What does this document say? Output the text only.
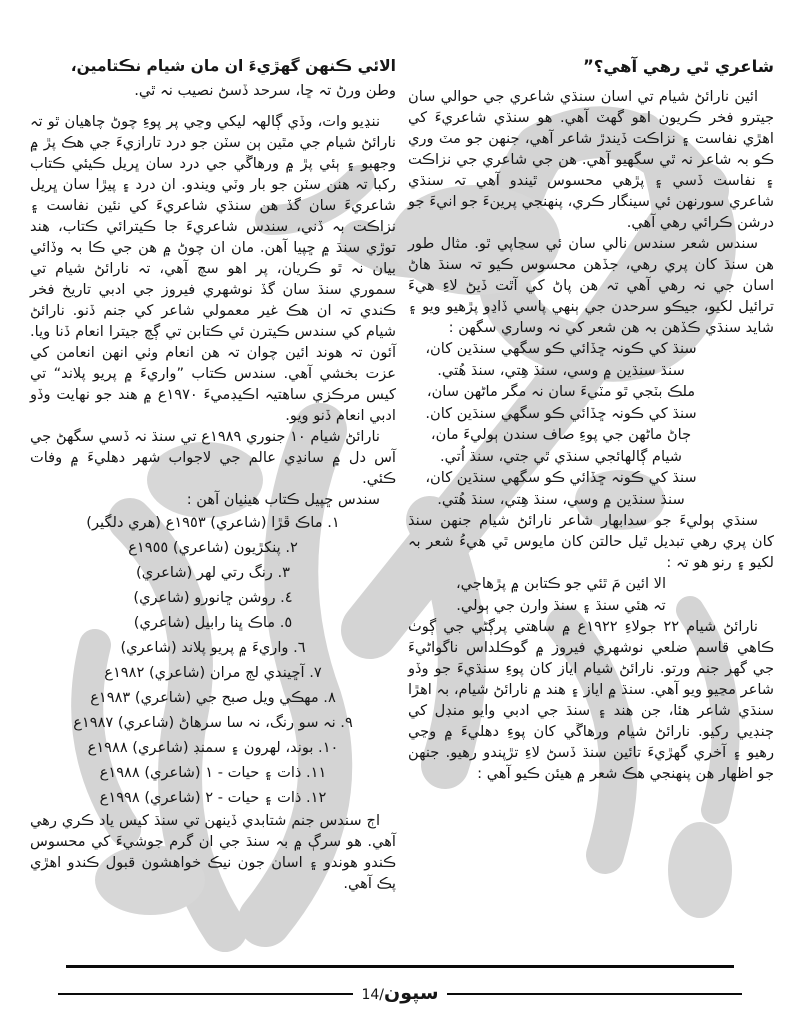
شاعري ٿي رهي آهي؟”

ائين نارائڻ شيام تي اسان سنڌي شاعري جي حوالي سان جيترو فخر ڪريون اهو گهٽ آهي. هو سنڌي شاعريءَ کي اهڙي نفاست ۽ نزاڪت ڏيندڙ شاعر آهي، جنهن جو مٽ وري ڪو بہ شاعر نہ ٿي سگهيو آهي. هن جي شاعري جي نزاڪت ۽ نفاست ڏسي ۽ پڙهي محسوس ٿيندو آهي تہ سنڌي شاعري سورنهن ئي سينگار ڪري، پنهنجي پرينءَ جو انيءَ جو درشن ڪرائي رهي آهي.

سندس شعر سندس نالي سان ئي سڃاپي ٿو. مثال طور هن سنڌ کان پري رهي، جڏهن محسوس ڪيو تہ سنڌ هاڻ اسان جي نہ رهي آهي تہ هن پاڻ کي آٿت ڏيڻ لاءِ هيءَ ترائيل لکيو، جيڪو سرحدن جي ٻنهي پاسي ڏاڍو پڙهيو ويو ۽ شايد سنڌي ڪڏهن بہ هن شعر کي نہ وساري سگهن :

سنڌ کي ڪونہ ڇڏائي ڪو سگهي سنڌين کان،
سنڌ سنڌين ۾ وسي، سنڌ هِتي، سنڌ هُتي.
ملڪ بٽجي ٿو مٽيءَ سان نہ مگر ماڻهن سان،
سنڌ کي ڪونہ ڇڏائي ڪو سگهي سنڌين کان.
ڄاڻ ماڻهن جي پوءِ صاف سندن ٻوليءَ مان،
شيام ڳالهائجي سنڌي ٿي جتي، سنڌ اُتي.
سنڌ کي ڪونہ ڇڏائي ڪو سگهي سنڌين کان،
سنڌ سنڌين ۾ وسي، سنڌ هِتي، سنڌ هُتي.

سنڌي ٻوليءَ جو سدابهار شاعر نارائڻ شيام جنهن سنڌ کان پري رهي تبديل ٿيل حالتن کان مايوس ٿي هيءُ شعر بہ لکيو ۽ رنو هو تہ :

الا ائين مَ ٿئي جو ڪتابن ۾ پڙهاجي،
تہ هئي سنڌ ۽ سنڌ وارن جي ٻولي.

نارائڻ شيام ٢٢ جولاءِ ١٩٢٢ع ۾ ساهتي پرڳڻي جي ڳوٺ ڪاهي قاسم ضلعي نوشهري فيروز ۾ گوڪلداس ناگواڻيءَ جي گهر جنم ورتو. نارائڻ شيام اياز کان پوءِ سنڌيءَ جو وڏو شاعر مڃيو ويو آهي. سنڌ ۾ اياز ۽ هند ۾ نارائڻ شيام، بہ اهڙا سنڌي شاعر هئا، جن هند ۽ سنڌ جي ادبي وايو منڊل کي ڄنڊيي رکيو. نارائڻ شيام ورهاڱي کان پوءِ دهليءَ ۾ وڃي رهيو ۽ آخري گهڙيءَ تائين سنڌ ڏسڻ لاءِ تڙپندو رهيو. جنهن جو اظهار هن پنهنجي هڪ شعر ۾ هيئن ڪيو آهي :

الائي ڪنهن گهڙيءَ ان مان شيام نڪتامين،
وطن ورڻ تہ ڇا، سرحد ڏسڻ نصيب نہ ٿي.

ننڍيو وات، وڏي ڳالهہ ليکي وڃي پر پوءِ چوڻ چاهيان ٿو تہ نارائڻ شيام جي مٿين ٻن سٽن جو درد تارازيءَ جي هڪ پڙ ۾ وجهبو ۽ ٻئي پڙ ۾ ورهاڱي جي درد سان ڀريل ڪيئي ڪتاب رکبا تہ هنن سٽن جو بار وٽي ويندو. ان درد ۽ پيڙا سان ڀريل شاعريءَ سان گڏ هن سنڌي شاعريءَ کي نئين نفاست ۽ نزاڪت بہ ڏني، سندس شاعريءَ جا ڪيترائي ڪتاب، هند توڙي سنڌ ۾ ڇپيا آهن. مان ان چوڻ ۾ هن جي ڪا بہ وڏائي بيان نہ ٿو ڪريان، پر اهو سچ آهي، تہ نارائڻ شيام تي سموري سنڌ سان گڏ نوشهري فيروز جي ادبي تاريخ فخر ڪندي تہ ان هڪ غير معمولي شاعر کي جنم ڏنو. نارائڻ شيام کي سندس ڪيترن ئي ڪتابن تي ڳچ جيترا انعام ڏنا ويا. آئون تہ هوند ائين چوان تہ هن انعام وٺي انهن انعامن کي عزت بخشي آهي. سندس ڪتاب ”واريءَ ۾ پريو پلاند“ تي کيس مرڪزي ساهتيہ اڪيڊميءَ ١٩٧٠ع ۾ هند جو نهايت وڏو ادبي انعام ڏنو ويو.

نارائڻ شيام ١٠ جنوري ١٩٨٩ع تي سنڌ نہ ڏسي سگهڻ جي آس دل ۾ سانڍي عالم جي لاجواب شهر دهليءَ ۾ وفات ڪئي.

سندس ڇپيل ڪتاب هيٺيان آهن :
١. ماڪ ڦڙا (شاعري) ١٩٥٣ع (هري دلگير)
٢. پنکڙيون (شاعري) ١٩٥٥ع
٣. رنگ رتي لهر (شاعري)
٤. روشن ڇانورو (شاعري)
٥. ماڪ ڀنا رابيل (شاعري)
٦. واريءَ ۾ پريو پلاند (شاعري)
٧. آڇيندي لڄ مران (شاعري) ١٩٨٢ع
٨. مهڪي ويل صبح جي (شاعري) ١٩٨٣ع
٩. نہ سو رنگ، نہ سا سرهاڻ (شاعري) ١٩٨٧ع
١٠. بوند، لهرون ۽ سمنڊ (شاعري) ١٩٨٨ع
١١. ذات ۽ حيات - ١ (شاعري) ١٩٨٨ع
١٢. ذات ۽ حيات - ٢ (شاعري) ١٩٩٨ع

اڄ سندس جنم شتابدي ڏينهن تي سنڌ کيس ياد ڪري رهي آهي. هو سرڳ ۾ بہ سنڌ جي ان گرم جوشيءَ کي محسوس ڪندو هوندو ۽ اسان جون نيڪ خواهشون قبول ڪندو اهڙي پڪ آهي.

$_{سپون/14}$
